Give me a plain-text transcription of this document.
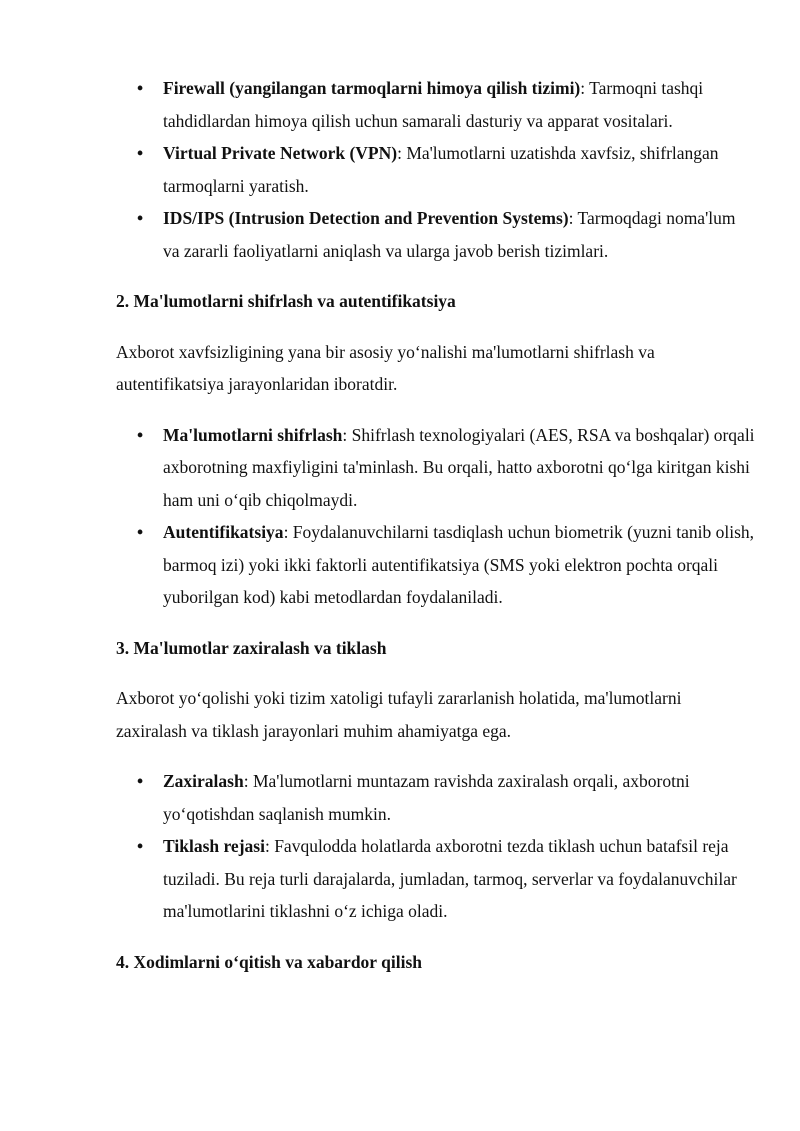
• Firewall (yangilangan tarmoqlarni himoya qilish tizimi): Tarmoqni tashqi tahdidlardan himoya qilish uchun samarali dasturiy va apparat vositalari.
• Virtual Private Network (VPN): Ma'lumotlarni uzatishda xavfsiz, shifrlangan tarmoqlarni yaratish.
• IDS/IPS (Intrusion Detection and Prevention Systems): Tarmoqdagi noma'lum va zararli faoliyatlarni aniqlash va ularga javob berish tizimlari.
2. Ma'lumotlarni shifrlash va autentifikatsiya

Axborot xavfsizligining yana bir asosiy yo‘nalishi ma'lumotlarni shifrlash va autentifikatsiya jarayonlaridan iboratdir.

• Ma'lumotlarni shifrlash: Shifrlash texnologiyalari (AES, RSA va boshqalar) orqali axborotning maxfiyligini ta'minlash. Bu orqali, hatto axborotni qo‘lga kiritgan kishi ham uni o‘qib chiqolmaydi.
• Autentifikatsiya: Foydalanuvchilarni tasdiqlash uchun biometrik (yuzni tanib olish, barmoq izi) yoki ikki faktorli autentifikatsiya (SMS yoki elektron pochta orqali yuborilgan kod) kabi metodlardan foydalaniladi.
3. Ma'lumotlar zaxiralash va tiklash

Axborot yo‘qolishi yoki tizim xatoligi tufayli zararlanish holatida, ma'lumotlarni zaxiralash va tiklash jarayonlari muhim ahamiyatga ega.

• Zaxiralash: Ma'lumotlarni muntazam ravishda zaxiralash orqali, axborotni yo‘qotishdan saqlanish mumkin.
• Tiklash rejasi: Favqulodda holatlarda axborotni tezda tiklash uchun batafsil reja tuziladi. Bu reja turli darajalarda, jumladan, tarmoq, serverlar va foydalanuvchilar ma'lumotlarini tiklashni o‘z ichiga oladi.
4. Xodimlarni o‘qitish va xabardor qilish
